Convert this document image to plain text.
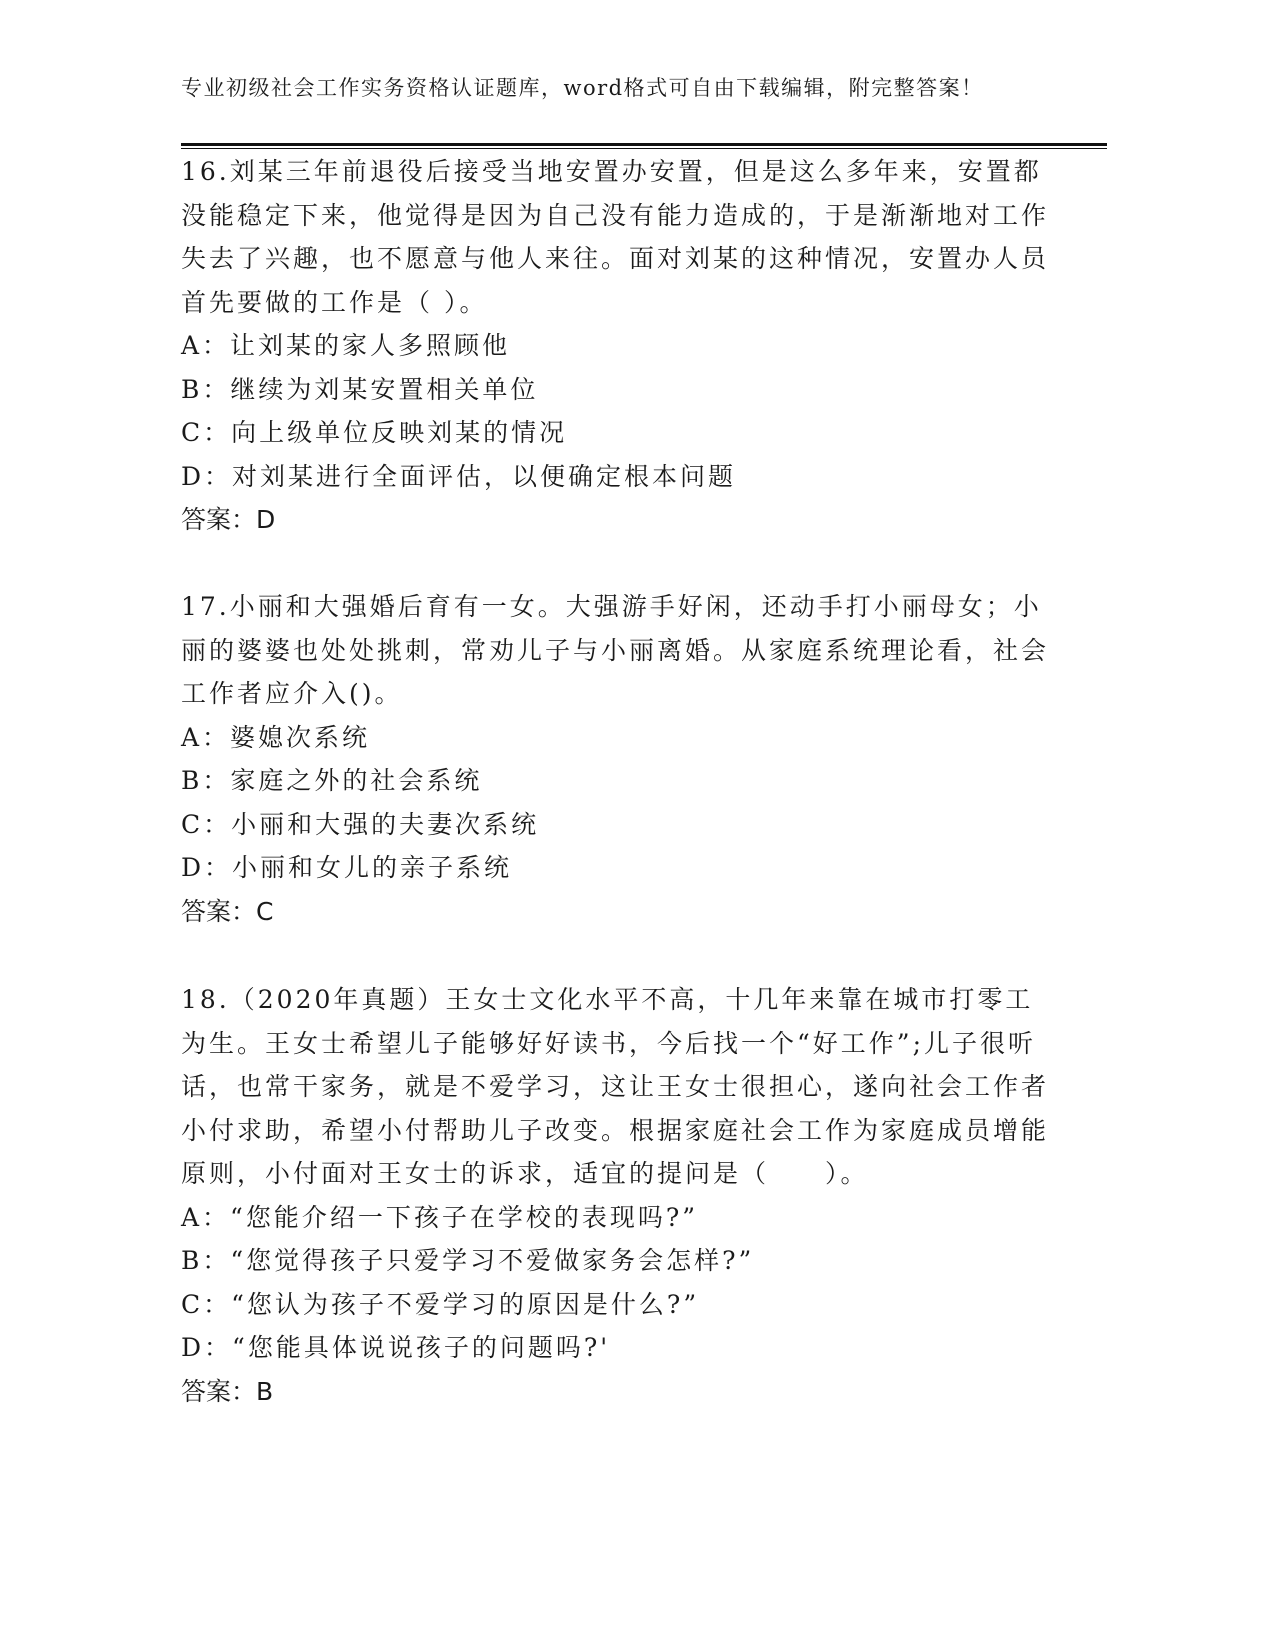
专业初级社会工作实务资格认证题库，word格式可自由下载编辑，附完整答案！

16.刘某三年前退役后接受当地安置办安置，但是这么多年来，安置都没能稳定下来，他觉得是因为自己没有能力造成的，于是渐渐地对工作失去了兴趣，也不愿意与他人来往。面对刘某的这种情况，安置办人员首先要做的工作是（ ）。

A：让刘某的家人多照顾他

B：继续为刘某安置相关单位

C：向上级单位反映刘某的情况

D：对刘某进行全面评估，以便确定根本问题

答案：D

17.小丽和大强婚后育有一女。大强游手好闲，还动手打小丽母女；小丽的婆婆也处处挑刺，常劝儿子与小丽离婚。从家庭系统理论看，社会工作者应介入()。

A：婆媳次系统

B：家庭之外的社会系统

C：小丽和大强的夫妻次系统

D：小丽和女儿的亲子系统

答案：C

18.（2020年真题）王女士文化水平不高，十几年来靠在城市打零工为生。王女士希望儿子能够好好读书，今后找一个“好工作”;儿子很听话，也常干家务，就是不爱学习，这让王女士很担心，遂向社会工作者小付求助，希望小付帮助儿子改变。根据家庭社会工作为家庭成员增能原则，小付面对王女士的诉求，适宜的提问是（　　）。

A：“您能介绍一下孩子在学校的表现吗?”

B：“您觉得孩子只爱学习不爱做家务会怎样?”

C：“您认为孩子不爱学习的原因是什么?”

D：“您能具体说说孩子的问题吗?'

答案：B
